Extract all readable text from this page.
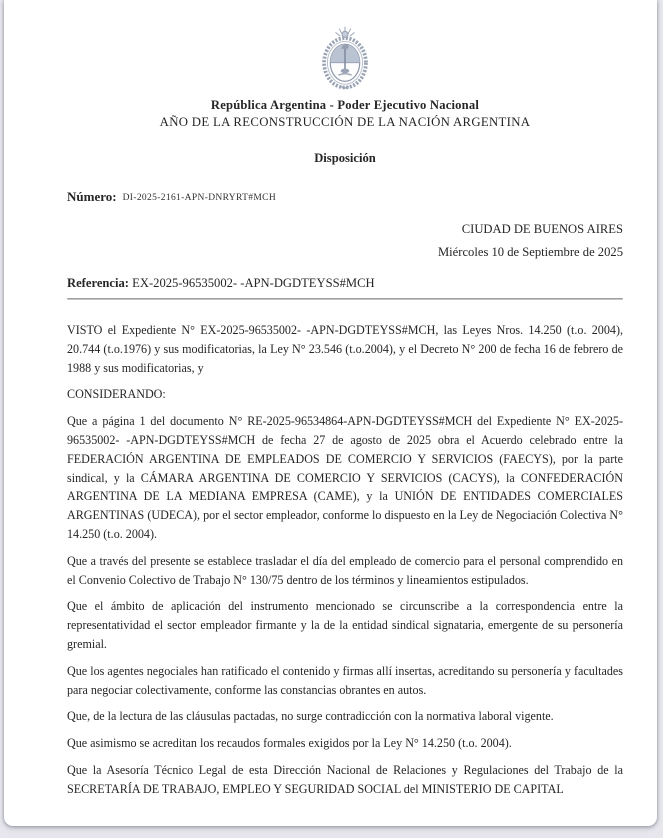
República Argentina - Poder Ejecutivo Nacional
AÑO DE LA RECONSTRUCCIÓN DE LA NACIÓN ARGENTINA
Disposición
Número: DI-2025-2161-APN-DNRYRT#MCH
CIUDAD DE BUENOS AIRES
Miércoles 10 de Septiembre de 2025
Referencia: EX-2025-96535002- -APN-DGDTEYSS#MCH

VISTO el Expediente N° EX-2025-96535002- -APN-DGDTEYSS#MCH, las Leyes Nros. 14.250 (t.o. 2004), 20.744 (t.o.1976) y sus modificatorias, la Ley N° 23.546 (t.o.2004), y el Decreto N° 200 de fecha 16 de febrero de 1988 y sus modificatorias, y

CONSIDERANDO:

Que a página 1 del documento N° RE-2025-96534864-APN-DGDTEYSS#MCH del Expediente N° EX-2025-96535002- -APN-DGDTEYSS#MCH de fecha 27 de agosto de 2025 obra el Acuerdo celebrado entre la FEDERACIÓN ARGENTINA DE EMPLEADOS DE COMERCIO Y SERVICIOS (FAECYS), por la parte sindical, y la CÁMARA ARGENTINA DE COMERCIO Y SERVICIOS (CACYS), la CONFEDERACIÓN ARGENTINA DE LA MEDIANA EMPRESA (CAME), y la UNIÓN DE ENTIDADES COMERCIALES ARGENTINAS (UDECA), por el sector empleador, conforme lo dispuesto en la Ley de Negociación Colectiva N° 14.250 (t.o. 2004).

Que a través del presente se establece trasladar el día del empleado de comercio para el personal comprendido en el Convenio Colectivo de Trabajo N° 130/75 dentro de los términos y lineamientos estipulados.

Que el ámbito de aplicación del instrumento mencionado se circunscribe a la correspondencia entre la representatividad el sector empleador firmante y la de la entidad sindical signataria, emergente de su personería gremial.

Que los agentes negociales han ratificado el contenido y firmas allí insertas, acreditando su personería y facultades para negociar colectivamente, conforme las constancias obrantes en autos.

Que, de la lectura de las cláusulas pactadas, no surge contradicción con la normativa laboral vigente.

Que asimismo se acreditan los recaudos formales exigidos por la Ley N° 14.250 (t.o. 2004).

Que la Asesoría Técnico Legal de esta Dirección Nacional de Relaciones y Regulaciones del Trabajo de la SECRETARÍA DE TRABAJO, EMPLEO Y SEGURIDAD SOCIAL del MINISTERIO DE CAPITAL
